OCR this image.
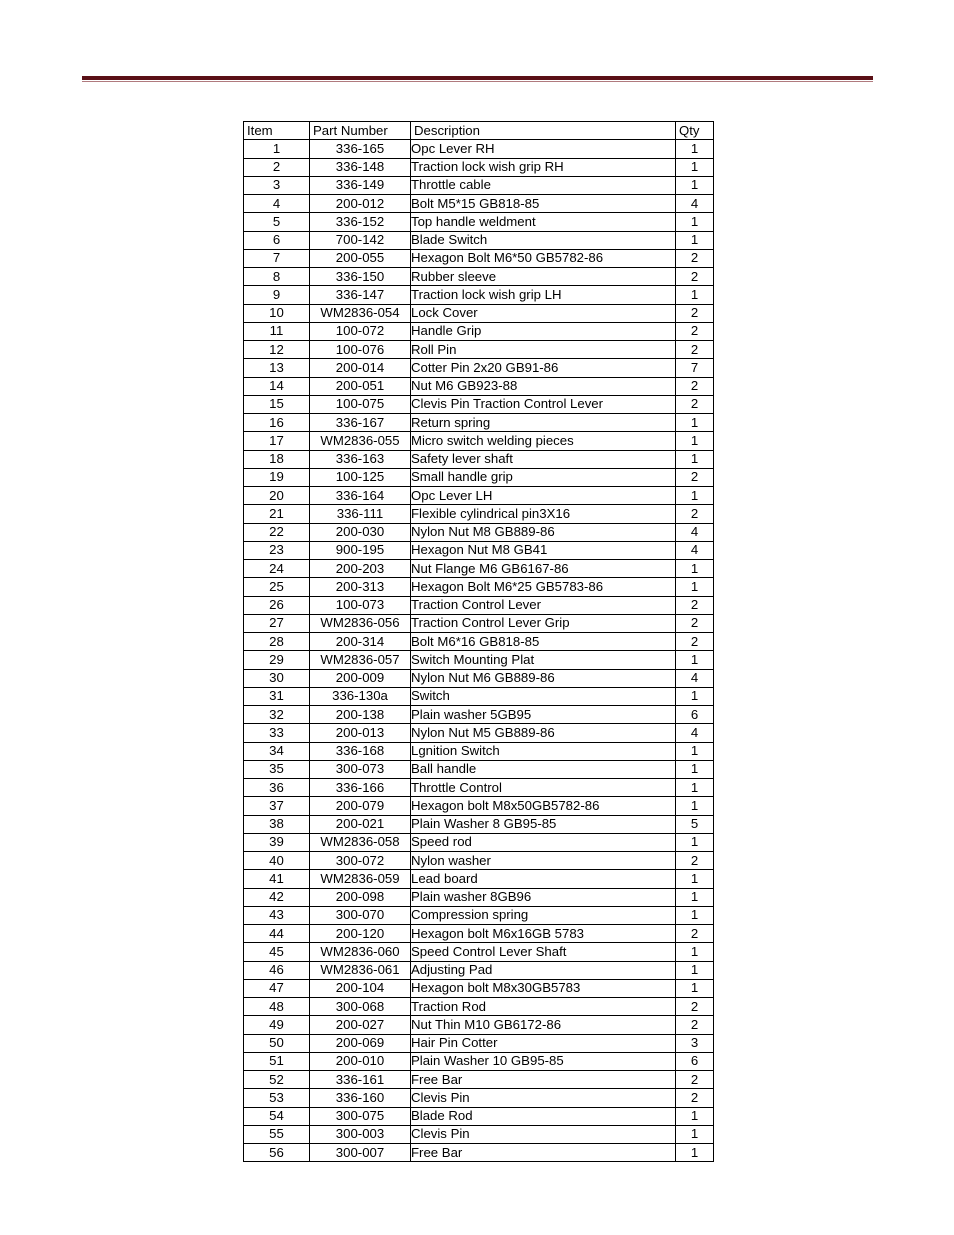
Item	Part Number	Description	Qty
1	336-165	Opc Lever RH	1
2	336-148	Traction lock wish grip RH	1
3	336-149	Throttle cable	1
4	200-012	Bolt M5*15 GB818-85	4
5	336-152	Top handle weldment	1
6	700-142	Blade Switch	1
7	200-055	Hexagon Bolt M6*50 GB5782-86	2
8	336-150	Rubber sleeve	2
9	336-147	Traction lock wish grip LH	1
10	WM2836-054	Lock Cover	2
11	100-072	Handle Grip	2
12	100-076	Roll Pin	2
13	200-014	Cotter Pin 2x20 GB91-86	7
14	200-051	Nut M6 GB923-88	2
15	100-075	Clevis Pin Traction Control Lever	2
16	336-167	Return spring	1
17	WM2836-055	Micro switch welding pieces	1
18	336-163	Safety lever shaft	1
19	100-125	Small handle grip	2
20	336-164	Opc Lever LH	1
21	336-111	Flexible cylindrical pin3X16	2
22	200-030	Nylon Nut M8 GB889-86	4
23	900-195	Hexagon Nut M8 GB41	4
24	200-203	Nut Flange M6 GB6167-86	1
25	200-313	Hexagon Bolt M6*25 GB5783-86	1
26	100-073	Traction Control Lever	2
27	WM2836-056	Traction Control Lever Grip	2
28	200-314	Bolt M6*16 GB818-85	2
29	WM2836-057	Switch Mounting Plat	1
30	200-009	Nylon Nut M6 GB889-86	4
31	336-130a	Switch	1
32	200-138	Plain washer 5GB95	6
33	200-013	Nylon Nut M5 GB889-86	4
34	336-168	Lgnition Switch	1
35	300-073	Ball handle	1
36	336-166	Throttle Control	1
37	200-079	Hexagon bolt M8x50GB5782-86	1
38	200-021	Plain Washer 8 GB95-85	5
39	WM2836-058	Speed rod	1
40	300-072	Nylon washer	2
41	WM2836-059	Lead board	1
42	200-098	Plain washer 8GB96	1
43	300-070	Compression spring	1
44	200-120	Hexagon bolt M6x16GB 5783	2
45	WM2836-060	Speed Control Lever Shaft	1
46	WM2836-061	Adjusting Pad	1
47	200-104	Hexagon bolt M8x30GB5783	1
48	300-068	Traction Rod	2
49	200-027	Nut Thin M10 GB6172-86	2
50	200-069	Hair Pin Cotter	3
51	200-010	Plain Washer 10 GB95-85	6
52	336-161	Free Bar	2
53	336-160	Clevis Pin	2
54	300-075	Blade Rod	1
55	300-003	Clevis Pin	1
56	300-007	Free Bar	1
